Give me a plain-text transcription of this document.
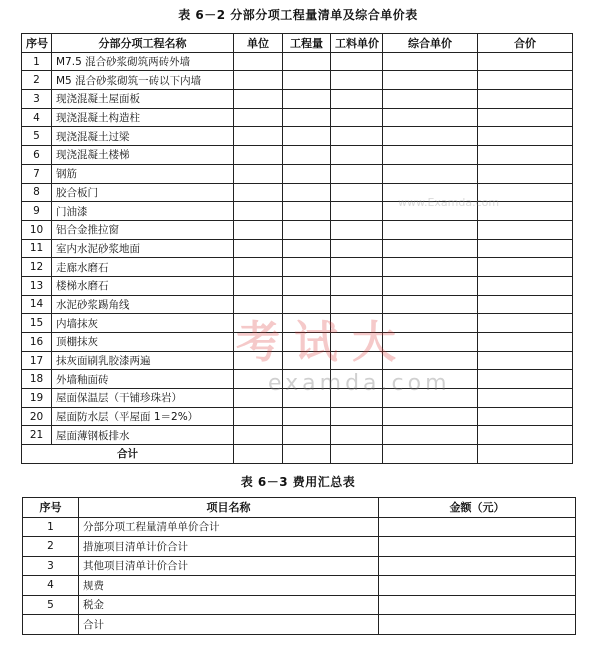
表 6－2 分部分项工程量清单及综合单价表
序号	分部分项工程名称	单位	工程量	工料单价	综合单价	合价
1	M7.5 混合砂浆砌筑两砖外墙					
2	M5 混合砂浆砌筑一砖以下内墙					
3	现浇混凝土屋面板					
4	现浇混凝土构造柱					
5	现浇混凝土过梁					
6	现浇混凝土楼梯					
7	钢筋					
8	胶合板门					
9	门油漆					
10	铝合金推拉窗					
11	室内水泥砂浆地面					
12	走廊水磨石					
13	楼梯水磨石					
14	水泥砂浆踢角线					
15	内墙抹灰					
16	顶棚抹灰					
17	抹灰面刷乳胶漆两遍					
18	外墙釉面砖					
19	屋面保温层（干铺珍珠岩）					
20	屋面防水层（平屋面 1＝2%）					
21	屋面薄钢板排水					
合计						
表 6－3 费用汇总表
序号	项目名称	金额（元）
1	分部分项工程量清单单价合计	
2	措施项目清单计价合计	
3	其他项目清单计价合计	
4	规费	
5	税金	
	合计	
考试大
examda.com
www.Examda.com
